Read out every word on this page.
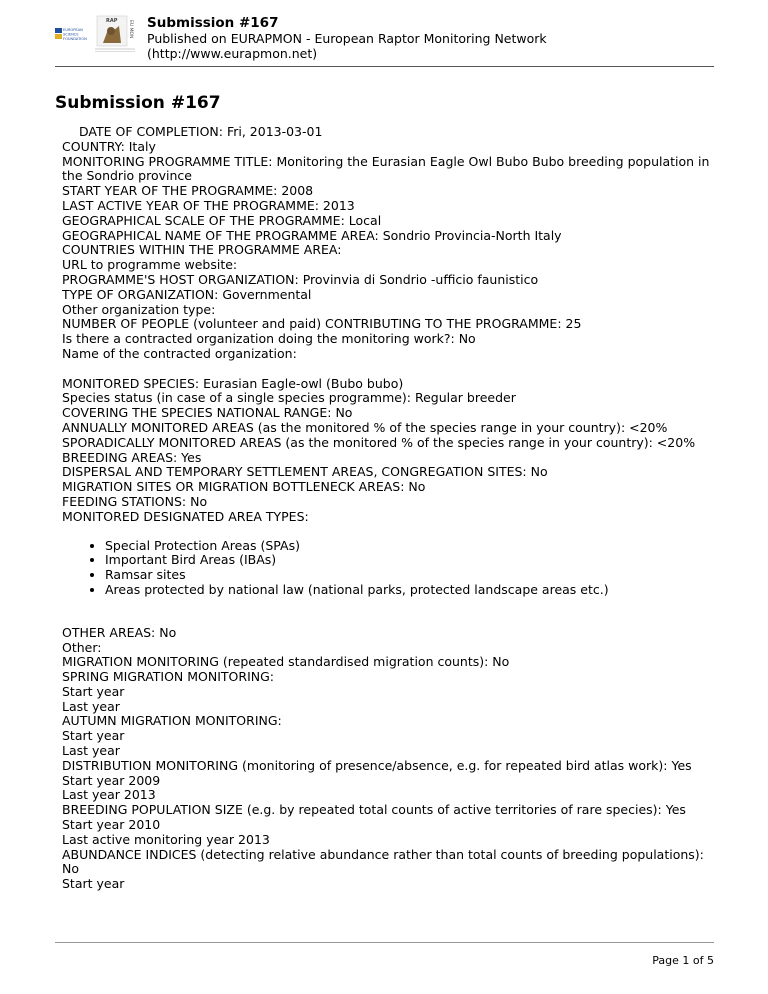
EUROPEAN
SCIENCE
FOUNDATION
RAP EU MON Submission #167
Published on EURAPMON - European Raptor Monitoring Network
(http://www.eurapmon.net)
Submission #167
DATE OF COMPLETION: Fri, 2013-03-01
COUNTRY: Italy
MONITORING PROGRAMME TITLE: Monitoring the Eurasian Eagle Owl Bubo Bubo breeding population in the Sondrio province
START YEAR OF THE PROGRAMME: 2008
LAST ACTIVE YEAR OF THE PROGRAMME: 2013
GEOGRAPHICAL SCALE OF THE PROGRAMME: Local
GEOGRAPHICAL NAME OF THE PROGRAMME AREA: Sondrio Provincia-North Italy
COUNTRIES WITHIN THE PROGRAMME AREA:
URL to programme website:
PROGRAMME'S HOST ORGANIZATION: Provinvia di Sondrio -ufficio faunistico
TYPE OF ORGANIZATION: Governmental
Other organization type:
NUMBER OF PEOPLE (volunteer and paid) CONTRIBUTING TO THE PROGRAMME: 25
Is there a contracted organization doing the monitoring work?: No
Name of the contracted organization:
MONITORED SPECIES: Eurasian Eagle-owl (Bubo bubo)
Species status (in case of a single species programme): Regular breeder
COVERING THE SPECIES NATIONAL RANGE: No
ANNUALLY MONITORED AREAS (as the monitored % of the species range in your country): <20%
SPORADICALLY MONITORED AREAS (as the monitored % of the species range in your country): <20%
BREEDING AREAS: Yes
DISPERSAL AND TEMPORARY SETTLEMENT AREAS, CONGREGATION SITES: No
MIGRATION SITES OR MIGRATION BOTTLENECK AREAS: No
FEEDING STATIONS: No
MONITORED DESIGNATED AREA TYPES:
• Special Protection Areas (SPAs)
• Important Bird Areas (IBAs)
• Ramsar sites
• Areas protected by national law (national parks, protected landscape areas etc.)
OTHER AREAS: No
Other:
MIGRATION MONITORING (repeated standardised migration counts): No
SPRING MIGRATION MONITORING:
Start year
Last year
AUTUMN MIGRATION MONITORING:
Start year
Last year
DISTRIBUTION MONITORING (monitoring of presence/absence, e.g. for repeated bird atlas work): Yes
Start year 2009
Last year 2013
BREEDING POPULATION SIZE (e.g. by repeated total counts of active territories of rare species): Yes
Start year 2010
Last active monitoring year 2013
ABUNDANCE INDICES (detecting relative abundance rather than total counts of breeding populations): No
Start year
Page 1 of 5
